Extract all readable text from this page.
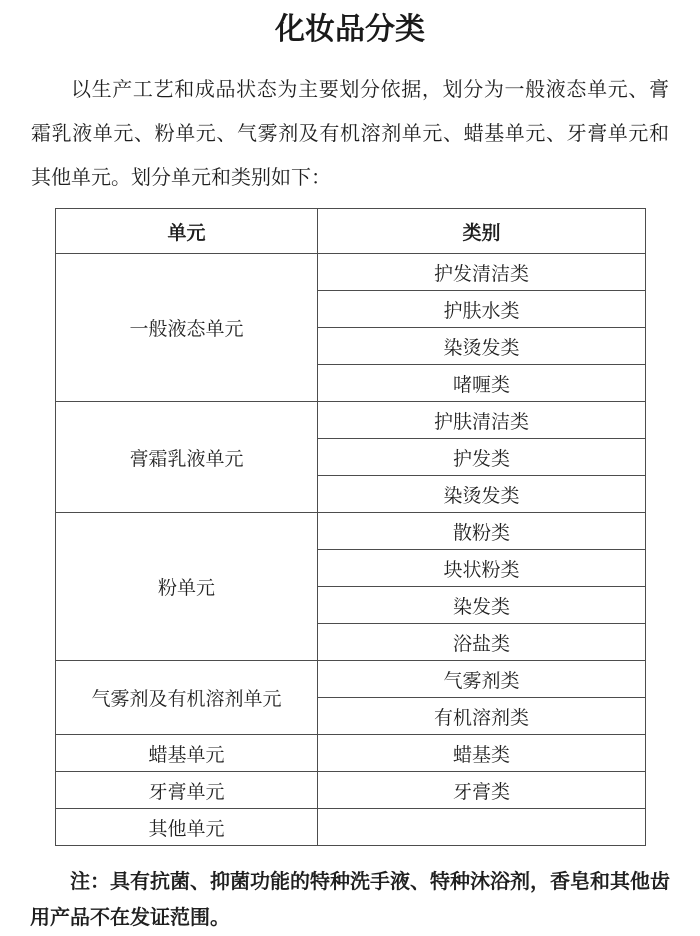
化妆品分类

以生产工艺和成品状态为主要划分依据，划分为一般液态单元、膏霜乳液单元、粉单元、气雾剂及有机溶剂单元、蜡基单元、牙膏单元和其他单元。划分单元和类别如下：

单元	类别
一般液态单元	护发清洁类
	护肤水类
	染烫发类
	啫喱类
膏霜乳液单元	护肤清洁类
	护发类
	染烫发类
粉单元	散粉类
	块状粉类
	染发类
	浴盐类
气雾剂及有机溶剂单元	气雾剂类
	有机溶剂类
蜡基单元	蜡基类
牙膏单元	牙膏类
其他单元	

注：具有抗菌、抑菌功能的特种洗手液、特种沐浴剂，香皂和其他齿用产品不在发证范围。
